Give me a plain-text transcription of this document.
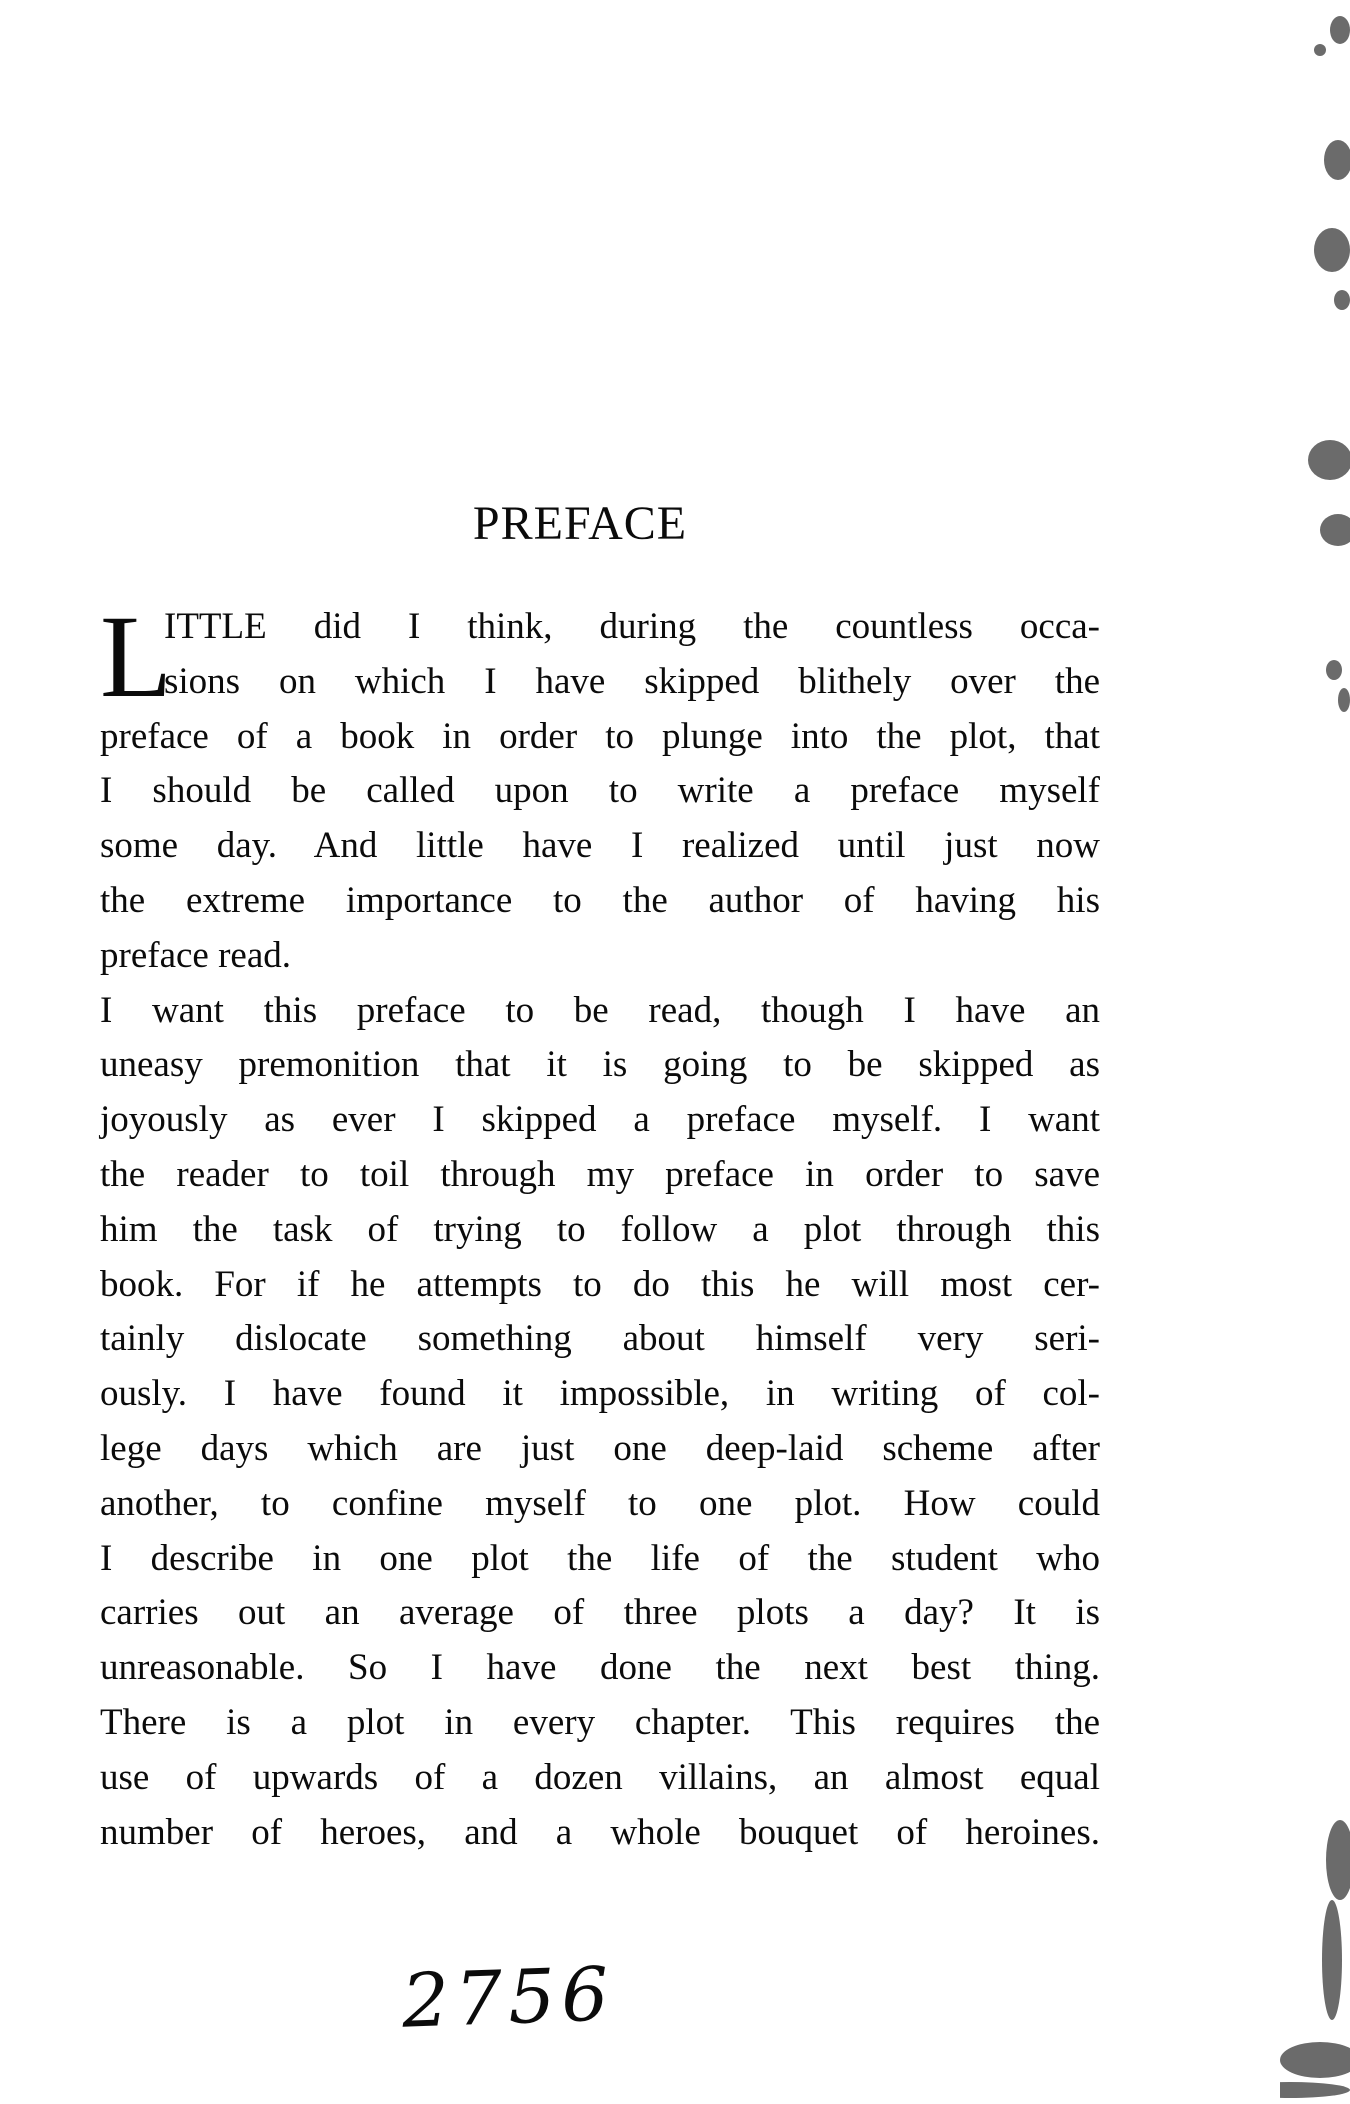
PREFACE
L
ITTLE did I think, during the countless occa-
sions on which I have skipped blithely over the
preface of a book in order to plunge into the plot, that
I should be called upon to write a preface myself
some day. And little have I realized until just now
the extreme importance to the author of having his
preface read.
I want this preface to be read, though I have an
uneasy premonition that it is going to be skipped as
joyously as ever I skipped a preface myself. I want
the reader to toil through my preface in order to save
him the task of trying to follow a plot through this
book. For if he attempts to do this he will most cer-
tainly dislocate something about himself very seri-
ously. I have found it impossible, in writing of col-
lege days which are just one deep-laid scheme after
another, to confine myself to one plot. How could
I describe in one plot the life of the student who
carries out an average of three plots a day? It is
unreasonable. So I have done the next best thing.
There is a plot in every chapter. This requires the
use of upwards of a dozen villains, an almost equal
number of heroes, and a whole bouquet of heroines.
2756
